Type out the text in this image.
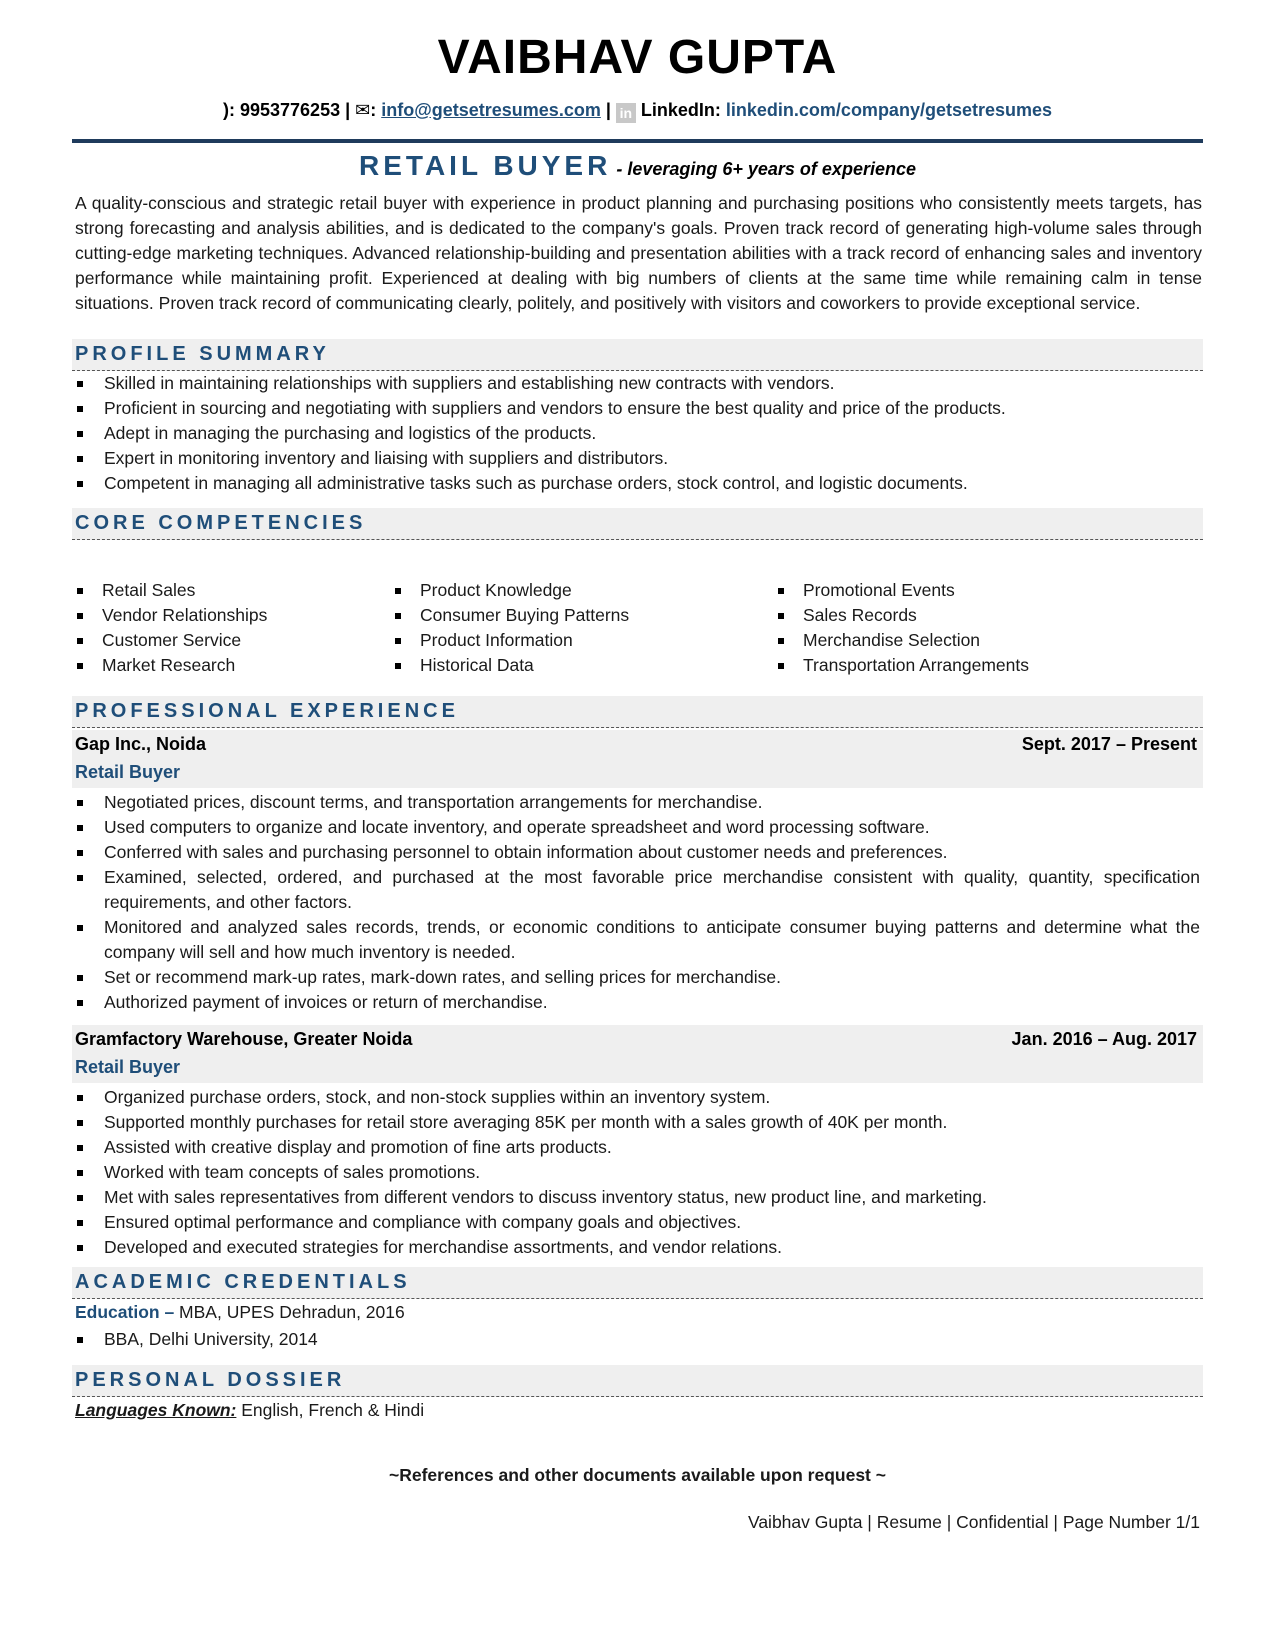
VAIBHAV GUPTA
): 9953776253 | ✉: info@getsetresumes.com | in LinkedIn: linkedin.com/company/getsetresumes
RETAIL BUYER - leveraging 6+ years of experience

A quality-conscious and strategic retail buyer with experience in product planning and purchasing positions who consistently meets targets, has strong forecasting and analysis abilities, and is dedicated to the company's goals. Proven track record of generating high-volume sales through cutting-edge marketing techniques. Advanced relationship-building and presentation abilities with a track record of enhancing sales and inventory performance while maintaining profit. Experienced at dealing with big numbers of clients at the same time while remaining calm in tense situations. Proven track record of communicating clearly, politely, and positively with visitors and coworkers to provide exceptional service.

PROFILE SUMMARY
Skilled in maintaining relationships with suppliers and establishing new contracts with vendors.
Proficient in sourcing and negotiating with suppliers and vendors to ensure the best quality and price of the products.
Adept in managing the purchasing and logistics of the products.
Expert in monitoring inventory and liaising with suppliers and distributors.
Competent in managing all administrative tasks such as purchase orders, stock control, and logistic documents.
CORE COMPETENCIES
Retail Sales
Vendor Relationships
Customer Service
Market Research
Product Knowledge
Consumer Buying Patterns
Product Information
Historical Data
Promotional Events
Sales Records
Merchandise Selection
Transportation Arrangements
PROFESSIONAL EXPERIENCE
Gap Inc., Noida	Sept. 2017 – Present
Retail Buyer
Negotiated prices, discount terms, and transportation arrangements for merchandise.
Used computers to organize and locate inventory, and operate spreadsheet and word processing software.
Conferred with sales and purchasing personnel to obtain information about customer needs and preferences.
Examined, selected, ordered, and purchased at the most favorable price merchandise consistent with quality, quantity, specification requirements, and other factors.
Monitored and analyzed sales records, trends, or economic conditions to anticipate consumer buying patterns and determine what the company will sell and how much inventory is needed.
Set or recommend mark-up rates, mark-down rates, and selling prices for merchandise.
Authorized payment of invoices or return of merchandise.
Gramfactory Warehouse, Greater Noida	Jan. 2016 – Aug. 2017
Retail Buyer
Organized purchase orders, stock, and non-stock supplies within an inventory system.
Supported monthly purchases for retail store averaging 85K per month with a sales growth of 40K per month.
Assisted with creative display and promotion of fine arts products.
Worked with team concepts of sales promotions.
Met with sales representatives from different vendors to discuss inventory status, new product line, and marketing.
Ensured optimal performance and compliance with company goals and objectives.
Developed and executed strategies for merchandise assortments, and vendor relations.
ACADEMIC CREDENTIALS
Education – MBA, UPES Dehradun, 2016
BBA, Delhi University, 2014
PERSONAL DOSSIER
Languages Known: English, French & Hindi
~References and other documents available upon request ~
Vaibhav Gupta | Resume | Confidential | Page Number 1/1
